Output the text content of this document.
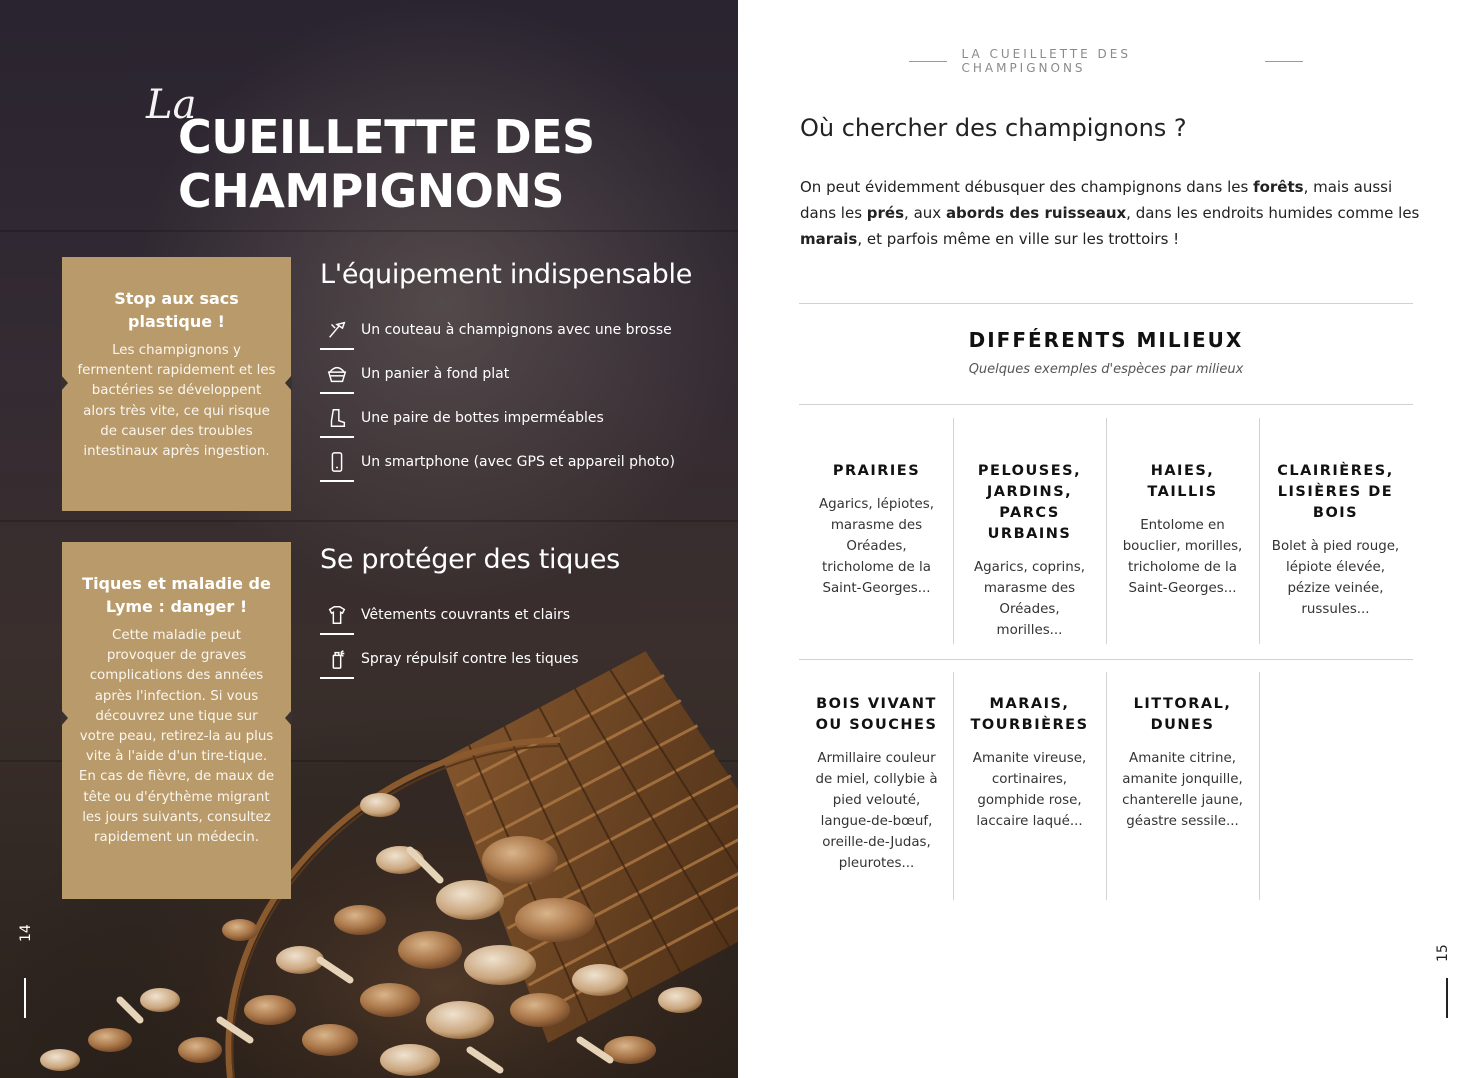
La
CUEILLETTE DES
CHAMPIGNONS
Stop aux sacs plastique !

Les champignons y fermentent rapidement et les bactéries se développent alors très vite, ce qui risque de causer des troubles intestinaux après ingestion.

Tiques et maladie de Lyme : danger !

Cette maladie peut provoquer de graves complications des années après l'infection. Si vous découvrez une tique sur votre peau, retirez-la au plus vite à l'aide d'un tire-tique. En cas de fièvre, de maux de tête ou d'érythème migrant les jours suivants, consultez rapidement un médecin.

L'équipement indispensable
Un couteau à champignons avec une brosse
Un panier à fond plat
Une paire de bottes imperméables
Un smartphone (avec GPS et appareil photo)
Se protéger des tiques
Vêtements couvrants et clairs
Spray répulsif contre les tiques
14
LA CUEILLETTE DES CHAMPIGNONS
Où chercher des champignons ?

On peut évidemment débusquer des champignons dans les forêts, mais aussi dans les prés, aux abords des ruisseaux, dans les endroits humides comme les marais, et parfois même en ville sur les trottoirs !

DIFFÉRENTS MILIEUX
Quelques exemples d'espèces par milieux
PRAIRIES

Agarics, lépiotes, marasme des Oréades, tricholome de la Saint-Georges...

PELOUSES, JARDINS, PARCS URBAINS

Agarics, coprins, marasme des Oréades, morilles...

HAIES, TAILLIS

Entolome en bouclier, morilles, tricholome de la Saint-Georges...

CLAIRIÈRES, LISIÈRES DE BOIS

Bolet à pied rouge, lépiote élevée, pézize veinée, russules...

BOIS VIVANT OU SOUCHES

Armillaire couleur de miel, collybie à pied velouté, langue-de-bœuf, oreille-de-Judas, pleurotes...

MARAIS, TOURBIÈRES

Amanite vireuse, cortinaires, gomphide rose, laccaire laqué...

LITTORAL, DUNES

Amanite citrine, amanite jonquille, chanterelle jaune, géastre sessile...

15
